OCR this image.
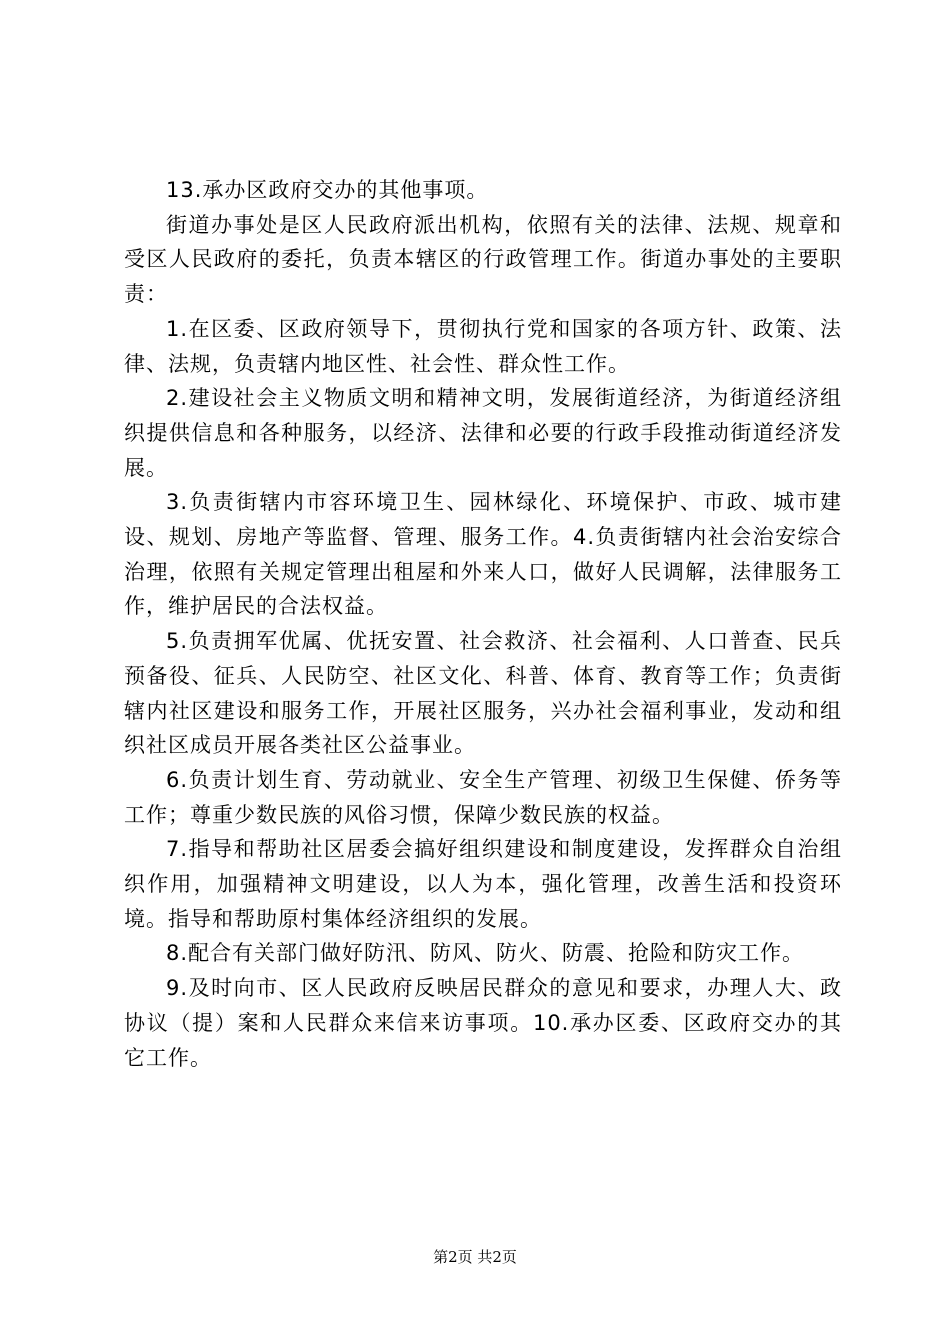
13.承办区政府交办的其他事项。

街道办事处是区人民政府派出机构，依照有关的法律、法规、规章和受区人民政府的委托，负责本辖区的行政管理工作。街道办事处的主要职责：

1.在区委、区政府领导下，贯彻执行党和国家的各项方针、政策、法律、法规，负责辖内地区性、社会性、群众性工作。

2.建设社会主义物质文明和精神文明，发展街道经济，为街道经济组织提供信息和各种服务，以经济、法律和必要的行政手段推动街道经济发展。

3.负责街辖内市容环境卫生、园林绿化、环境保护、市政、城市建设、规划、房地产等监督、管理、服务工作。4.负责街辖内社会治安综合治理，依照有关规定管理出租屋和外来人口，做好人民调解，法律服务工作，维护居民的合法权益。

5.负责拥军优属、优抚安置、社会救济、社会福利、人口普查、民兵预备役、征兵、人民防空、社区文化、科普、体育、教育等工作；负责街辖内社区建设和服务工作，开展社区服务，兴办社会福利事业，发动和组织社区成员开展各类社区公益事业。

6.负责计划生育、劳动就业、安全生产管理、初级卫生保健、侨务等工作；尊重少数民族的风俗习惯，保障少数民族的权益。

7.指导和帮助社区居委会搞好组织建设和制度建设，发挥群众自治组织作用，加强精神文明建设，以人为本，强化管理，改善生活和投资环境。指导和帮助原村集体经济组织的发展。

8.配合有关部门做好防汛、防风、防火、防震、抢险和防灾工作。

9.及时向市、区人民政府反映居民群众的意见和要求，办理人大、政协议（提）案和人民群众来信来访事项。10.承办区委、区政府交办的其它工作。

第2页 共2页
